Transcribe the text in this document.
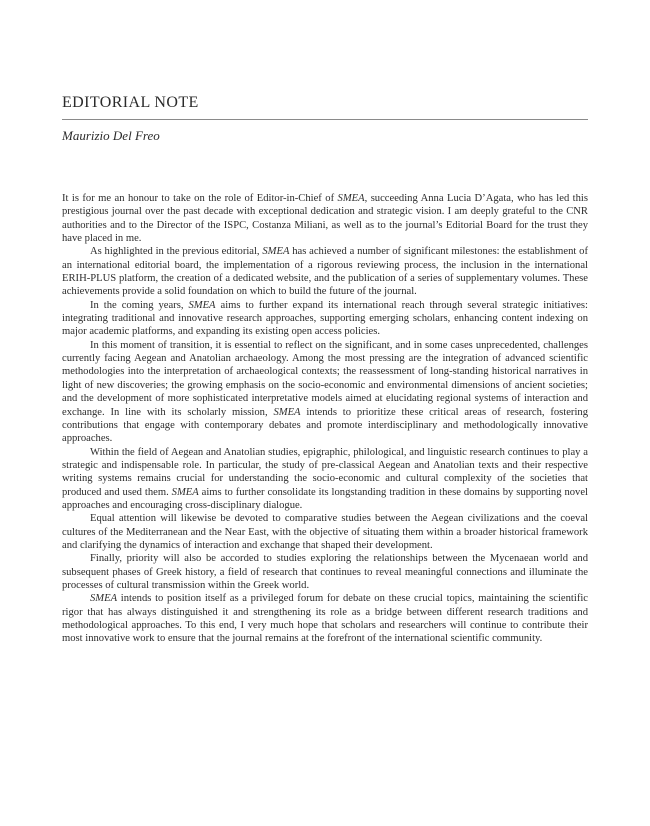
EDITORIAL NOTE

Maurizio Del Freo

It is for me an honour to take on the role of Editor-in-Chief of SMEA, succeeding Anna Lucia D’Agata, who has led this prestigious journal over the past decade with exceptional dedication and strategic vision. I am deeply grateful to the CNR authorities and to the Director of the ISPC, Costanza Miliani, as well as to the journal’s Editorial Board for the trust they have placed in me.

As highlighted in the previous editorial, SMEA has achieved a number of significant milestones: the establishment of an international editorial board, the implementation of a rigorous reviewing process, the inclusion in the international ERIH-PLUS platform, the creation of a dedicated website, and the publication of a series of supplementary volumes. These achievements provide a solid foundation on which to build the future of the journal.

In the coming years, SMEA aims to further expand its international reach through several strategic initiatives: integrating traditional and innovative research approaches, supporting emerging scholars, enhancing content indexing on major academic platforms, and expanding its existing open access policies.

In this moment of transition, it is essential to reflect on the significant, and in some cases unprecedented, challenges currently facing Aegean and Anatolian archaeology. Among the most pressing are the integration of advanced scientific methodologies into the interpretation of archaeological contexts; the reassessment of long-standing historical narratives in light of new discoveries; the growing emphasis on the socio-economic and environmental dimensions of ancient societies; and the development of more sophisticated interpretative models aimed at elucidating regional systems of interaction and exchange. In line with its scholarly mission, SMEA intends to prioritize these critical areas of research, fostering contributions that engage with contemporary debates and promote interdisciplinary and methodologically innovative approaches.

Within the field of Aegean and Anatolian studies, epigraphic, philological, and linguistic research continues to play a strategic and indispensable role. In particular, the study of pre-classical Aegean and Anatolian texts and their respective writing systems remains crucial for understanding the socio-economic and cultural complexity of the societies that produced and used them. SMEA aims to further consolidate its longstanding tradition in these domains by supporting novel approaches and encouraging cross-disciplinary dialogue.

Equal attention will likewise be devoted to comparative studies between the Aegean civilizations and the coeval cultures of the Mediterranean and the Near East, with the objective of situating them within a broader historical framework and clarifying the dynamics of interaction and exchange that shaped their development.

Finally, priority will also be accorded to studies exploring the relationships between the Mycenaean world and subsequent phases of Greek history, a field of research that continues to reveal meaningful connections and illuminate the processes of cultural transmission within the Greek world.

SMEA intends to position itself as a privileged forum for debate on these crucial topics, maintaining the scientific rigor that has always distinguished it and strengthening its role as a bridge between different research traditions and methodological approaches. To this end, I very much hope that scholars and researchers will continue to contribute their most innovative work to ensure that the journal remains at the forefront of the international scientific community.
